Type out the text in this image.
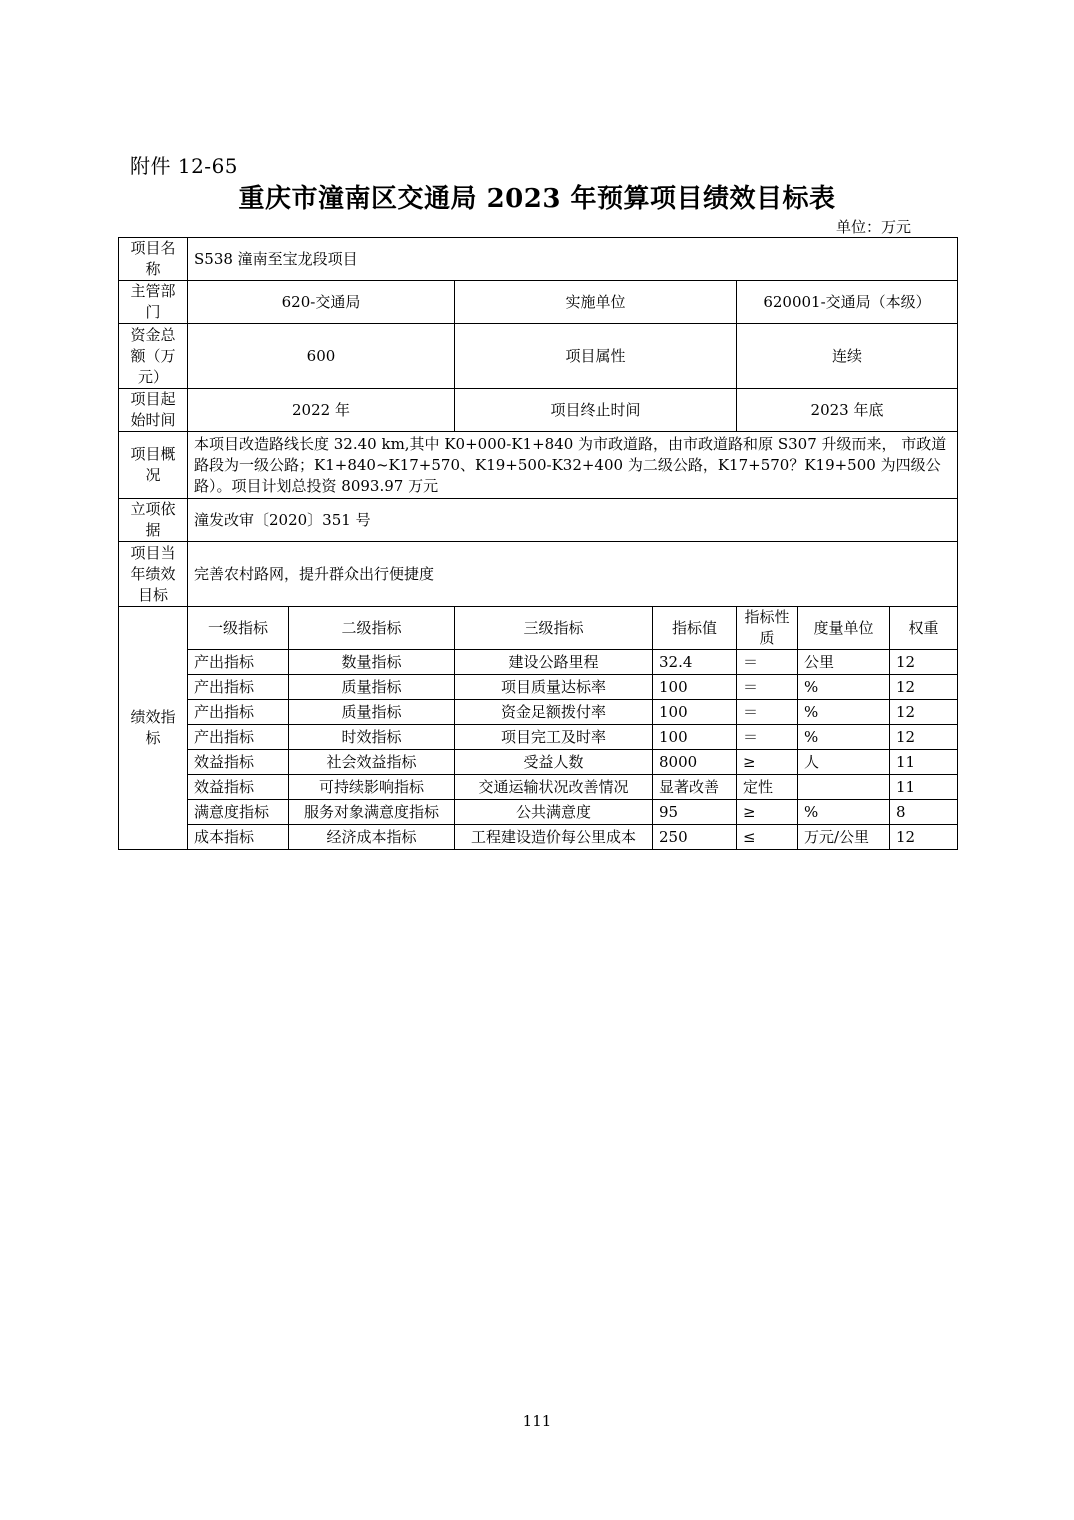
附件 12-65
重庆市潼南区交通局 2023 年预算项目绩效目标表
单位：万元
项目名称	S538 潼南至宝龙段项目						
主管部门	620-交通局		实施单位		620001-交通局（本级）		
资金总额（万元）	600		项目属性		连续		
项目起始时间	2022 年		项目终止时间		2023 年底		
项目概况	本项目改造路线长度 32.40 km,其中 K0+000-K1+840 为市政道路，由市政道路和原 S307 升级而来， 市政道路段为一级公路；K1+840~K17+570、K19+500-K32+400 为二级公路，K17+570？K19+500 为四级公路）。项目计划总投资 8093.97 万元						
立项依据	潼发改审〔2020〕351 号						
项目当年绩效目标	完善农村路网，提升群众出行便捷度						
绩效指标	一级指标	二级指标	三级指标	指标值	指标性质	度量单位	权重
	产出指标	数量指标	建设公路里程	32.4	＝	公里	12
	产出指标	质量指标	项目质量达标率	100	＝	%	12
	产出指标	质量指标	资金足额拨付率	100	＝	%	12
	产出指标	时效指标	项目完工及时率	100	＝	%	12
	效益指标	社会效益指标	受益人数	8000	≥	人	11
	效益指标	可持续影响指标	交通运输状况改善情况	显著改善	定性		11
	满意度指标	服务对象满意度指标	公共满意度	95	≥	%	8
	成本指标	经济成本指标	工程建设造价每公里成本	250	≤	万元/公里	12
111
